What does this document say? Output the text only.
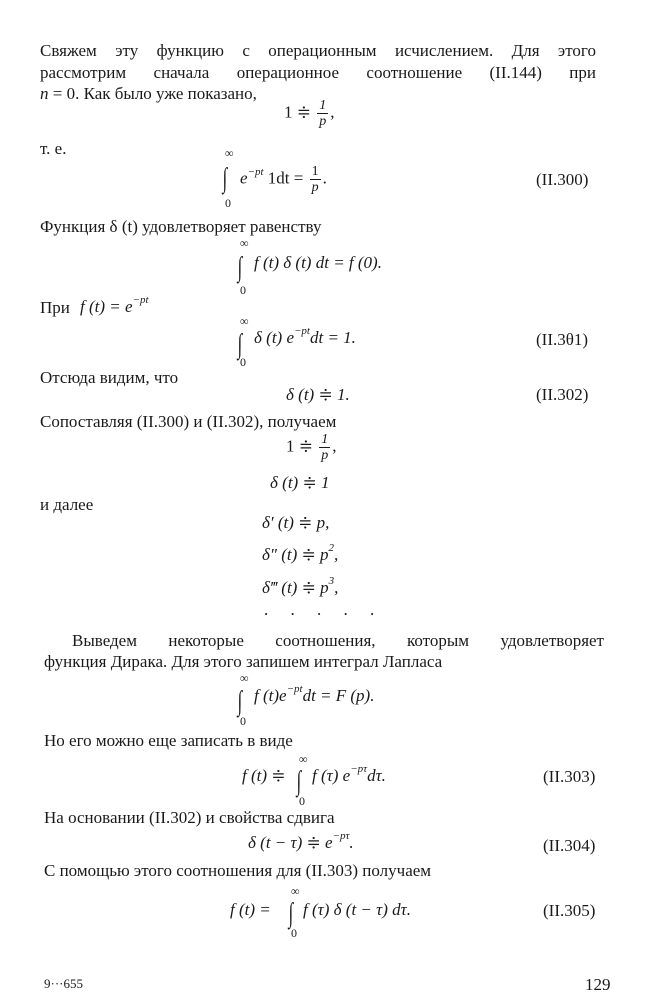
Свяжем эту функцию с операционным исчислением. Для этого
рассмотрим сначала операционное соотношение (II.144) при
n = 0. Как было уже показано,
1 ≑ $\frac{1}{p}$ ,
т. е.	∞
∫
0
$e^{-pt}$ $1dt = \frac{1}{p}$ .	(II.300)
Функция δ (t) удовлетворяет равенству
∞
∫
0
f (t) δ (t) dt = f (0).
При f $(t) = e^{-pt}$
∞
∫
0
δ (t) $e^{-pt}dt = 1$.	(II.3θ1)
Отсюда видим, что
δ (t) ≑ 1.	(II.302)
Сопоставляя (II.300) и (II.302), получаем
1 ≑ $\frac{1}{p}$ ,
δ (t) ≑ 1
и далее
δ′ (t) ≑ p,
δ″ (t) ≑ $p^2$,
δ‴ (t) ≑ $p^3$,
. . . . .
Выведем некоторые соотношения, которым удовлетворяет
функция Дирака. Для этого запишем интеграл Лапласа
∞
∫
0
f $(t)e^{-pt}dt = F$ (p).
Но его можно еще записать в виде
f (t) ≑
∞
∫
0
f (τ) $e^{-p\tau}d\tau$.	(II.303)
На основании (II.302) и свойства сдвига
δ (t − τ) ≑ $e^{-p\tau}$.	(II.304)
С помощью этого соотношения для (II.303) получаем
f (t) =
∞
∫
0
f (τ) δ (t − τ) dτ.	(II.305)
9···655	129
